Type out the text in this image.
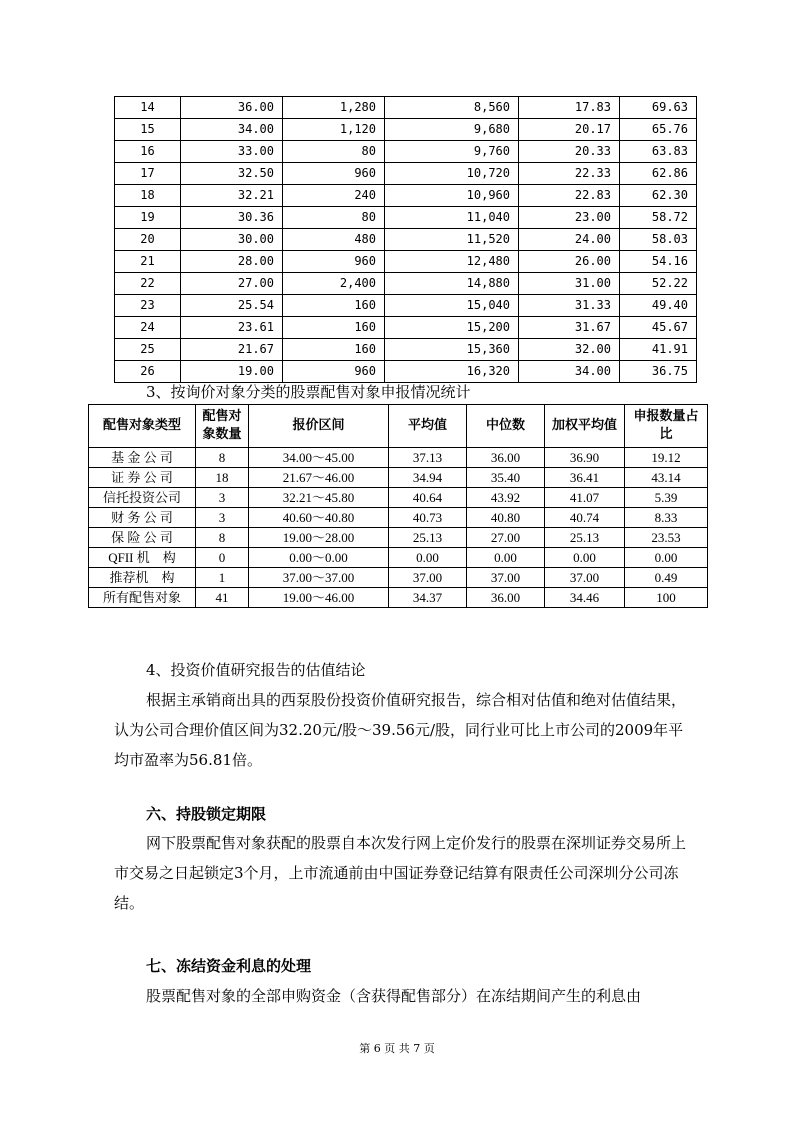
14	36.00	1,280	8,560	17.83	69.63
15	34.00	1,120	9,680	20.17	65.76
16	33.00	80	9,760	20.33	63.83
17	32.50	960	10,720	22.33	62.86
18	32.21	240	10,960	22.83	62.30
19	30.36	80	11,040	23.00	58.72
20	30.00	480	11,520	24.00	58.03
21	28.00	960	12,480	26.00	54.16
22	27.00	2,400	14,880	31.00	52.22
23	25.54	160	15,040	31.33	49.40
24	23.61	160	15,200	31.67	45.67
25	21.67	160	15,360	32.00	41.91
26	19.00	960	16,320	34.00	36.75
3、按询价对象分类的股票配售对象申报情况统计
配售对象类型	配售对象数量	报价区间	平均值	中位数	加权平均值	申报数量占比
基 金 公 司	8	34.00～45.00	37.13	36.00	36.90	19.12
证 券 公 司	18	21.67～46.00	34.94	35.40	36.41	43.14
信托投资公司	3	32.21～45.80	40.64	43.92	41.07	5.39
财 务 公 司	3	40.60～40.80	40.73	40.80	40.74	8.33
保 险 公 司	8	19.00～28.00	25.13	27.00	25.13	23.53
QFII 机　构	0	0.00～0.00	0.00	0.00	0.00	0.00
推荐机　构	1	37.00～37.00	37.00	37.00	37.00	0.49
所有配售对象	41	19.00～46.00	34.37	36.00	34.46	100

4、投资价值研究报告的估值结论

根据主承销商出具的西泵股份投资价值研究报告，综合相对估值和绝对估值结果，认为公司合理价值区间为32.20元/股～39.56元/股，同行业可比上市公司的2009年平均市盈率为56.81倍。

六、持股锁定期限

网下股票配售对象获配的股票自本次发行网上定价发行的股票在深圳证券交易所上市交易之日起锁定3个月，上市流通前由中国证券登记结算有限责任公司深圳分公司冻结。

七、冻结资金利息的处理

股票配售对象的全部申购资金（含获得配售部分）在冻结期间产生的利息由

第 6 页 共 7 页
